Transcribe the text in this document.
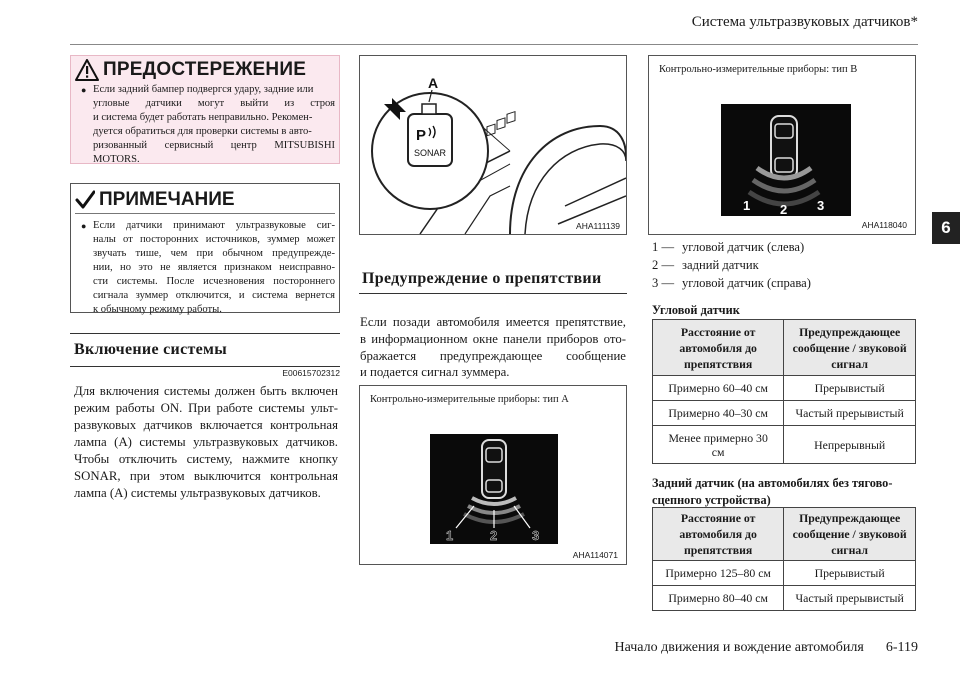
Система ультразвуковых датчиков*
6
ПРЕДОСТЕРЕЖЕНИЕ
● Если задний бампер подвергся удару, задние или
угловые датчики могут выйти из строя
и система будет работать неправильно. Рекомен-
дуется обратиться для проверки системы в авто-
ризованный сервисный центр MITSUBISHI
MOTORS.
ПРИМЕЧАНИЕ
● Если датчики принимают ультразвуковые сиг-
налы от посторонних источников, зуммер может
звучать тише, чем при обычном предупрежде-
нии, но это не является признаком неисправно-
сти системы. После исчезновения постороннего
сигнала зуммер отключится, и система вернется
к обычному режиму работы.
Включение системы
E00615702312
Для включения системы должен быть включен
режим работы ON. При работе системы ульт-
развуковых датчиков включается контрольная
лампа (A) системы ультразвуковых датчиков.
Чтобы отключить систему, нажмите кнопку
SONAR, при этом выключится контрольная
лампа (A) системы ультразвуковых датчиков.
A
P
SONAR
AHA111139
Предупреждение о препятствии
Если позади автомобиля имеется препятствие,
в информационном окне панели приборов ото-
бражается предупреждающее сообщение
и подается сигнал зуммера.
Контрольно-измерительные приборы: тип A
1	2	3
AHA114071
Контрольно-измерительные приборы: тип B
1 2 3
AHA118040
1 — угловой датчик (слева)
2 — задний датчик
3 — угловой датчик (справа)
Угловой датчик
Расстояние от автомобиля до препятствия	Предупреждающее сообщение / звуковой сигнал
Примерно 60–40 см	Прерывистый
Примерно 40–30 см	Частый прерывистый
Менее примерно 30 см	Непрерывный
Задний датчик (на автомобилях без тягово-сцепного устройства)
Расстояние от автомобиля до препятствия	Предупреждающее сообщение / звуковой сигнал
Примерно 125–80 см	Прерывистый
Примерно 80–40 см	Частый прерывистый
Начало движения и вождение автомобиля 6-119
